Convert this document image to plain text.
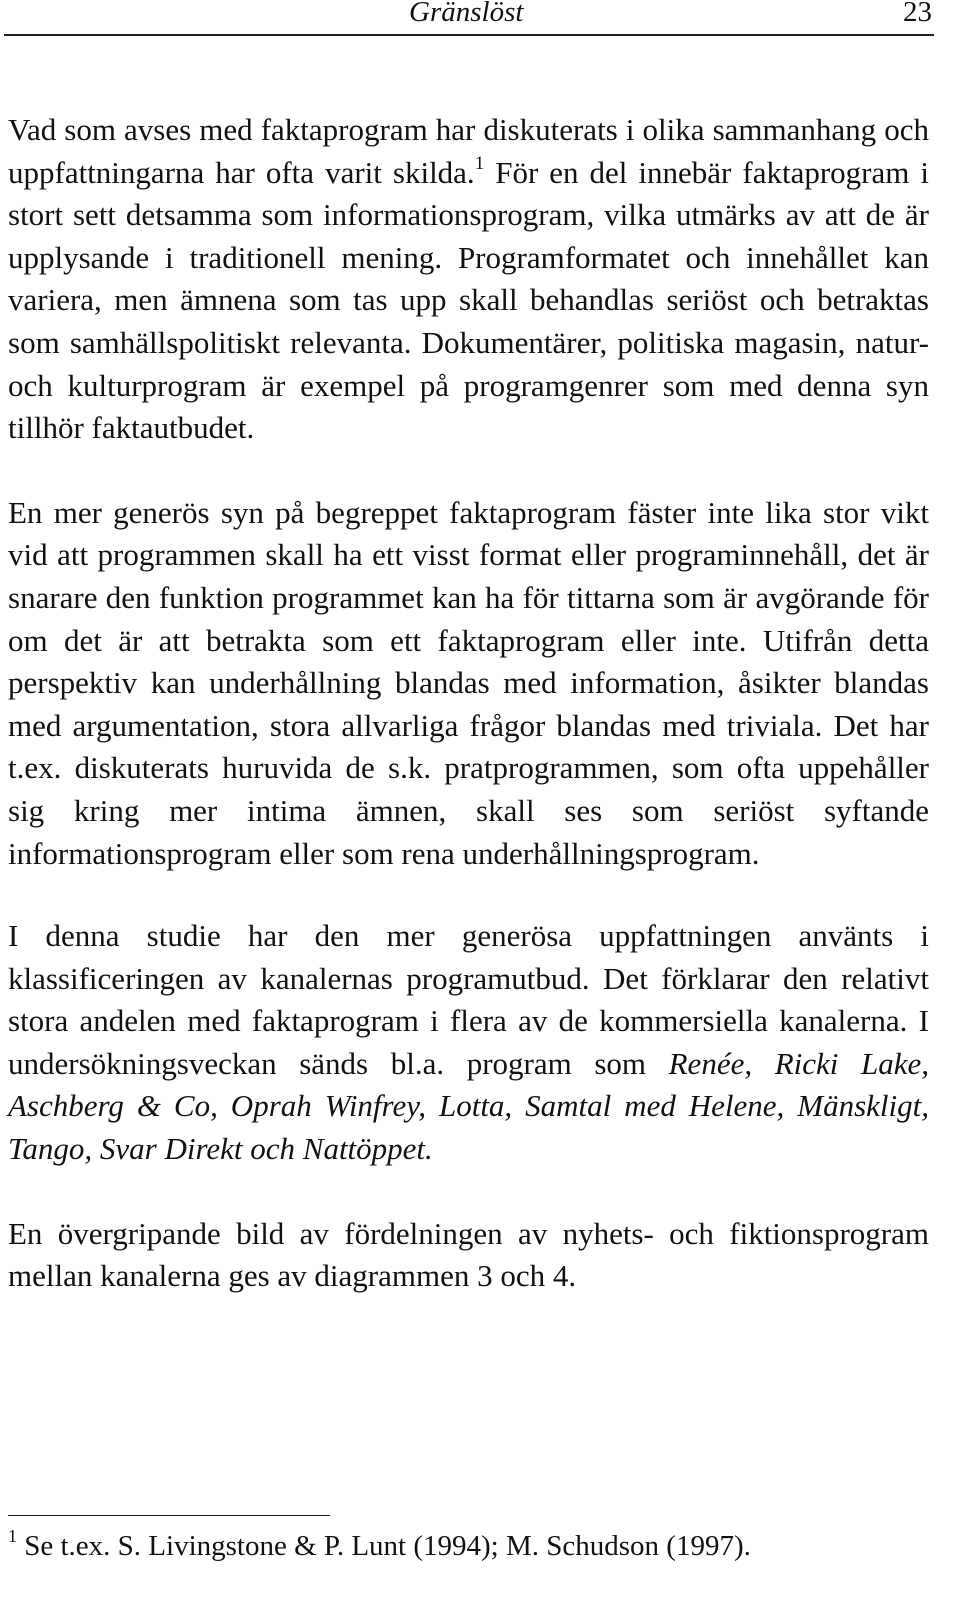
Gränslöst	23

Vad som avses med faktaprogram har diskuterats i olika sammanhang och uppfattningarna har ofta varit skilda.$^1$ För en del innebär faktaprogram i stort sett detsamma som informationsprogram, vilka utmärks av att de är upplysande i traditionell mening. Programformatet och innehållet kan variera, men ämnena som tas upp skall behandlas seriöst och betraktas som samhällspolitiskt relevanta. Dokumentärer, politiska magasin, natur- och kulturprogram är exempel på programgenrer som med denna syn tillhör faktautbudet.

En mer generös syn på begreppet faktaprogram fäster inte lika stor vikt vid att programmen skall ha ett visst format eller programinnehåll, det är snarare den funktion programmet kan ha för tittarna som är avgörande för om det är att betrakta som ett faktaprogram eller inte. Utifrån detta perspektiv kan underhållning blandas med information, åsikter blandas med argumentation, stora allvarliga frågor blandas med triviala. Det har t.ex. diskuterats huruvida de s.k. pratprogrammen, som ofta uppehåller sig kring mer intima ämnen, skall ses som seriöst syftande informationsprogram eller som rena underhållningsprogram.

I denna studie har den mer generösa uppfattningen använts i klassificeringen av kanalernas programutbud. Det förklarar den relativt stora andelen med faktaprogram i flera av de kommersiella kanalerna. I undersökningsveckan sänds bl.a. program som Renée, Ricki Lake, Aschberg & Co, Oprah Winfrey, Lotta, Samtal med Helene, Mänskligt, Tango, Svar Direkt och Nattöppet.

En övergripande bild av fördelningen av nyhets- och fiktionsprogram mellan kanalerna ges av diagrammen 3 och 4.

$^1$ Se t.ex. S. Livingstone & P. Lunt (1994); M. Schudson (1997).
